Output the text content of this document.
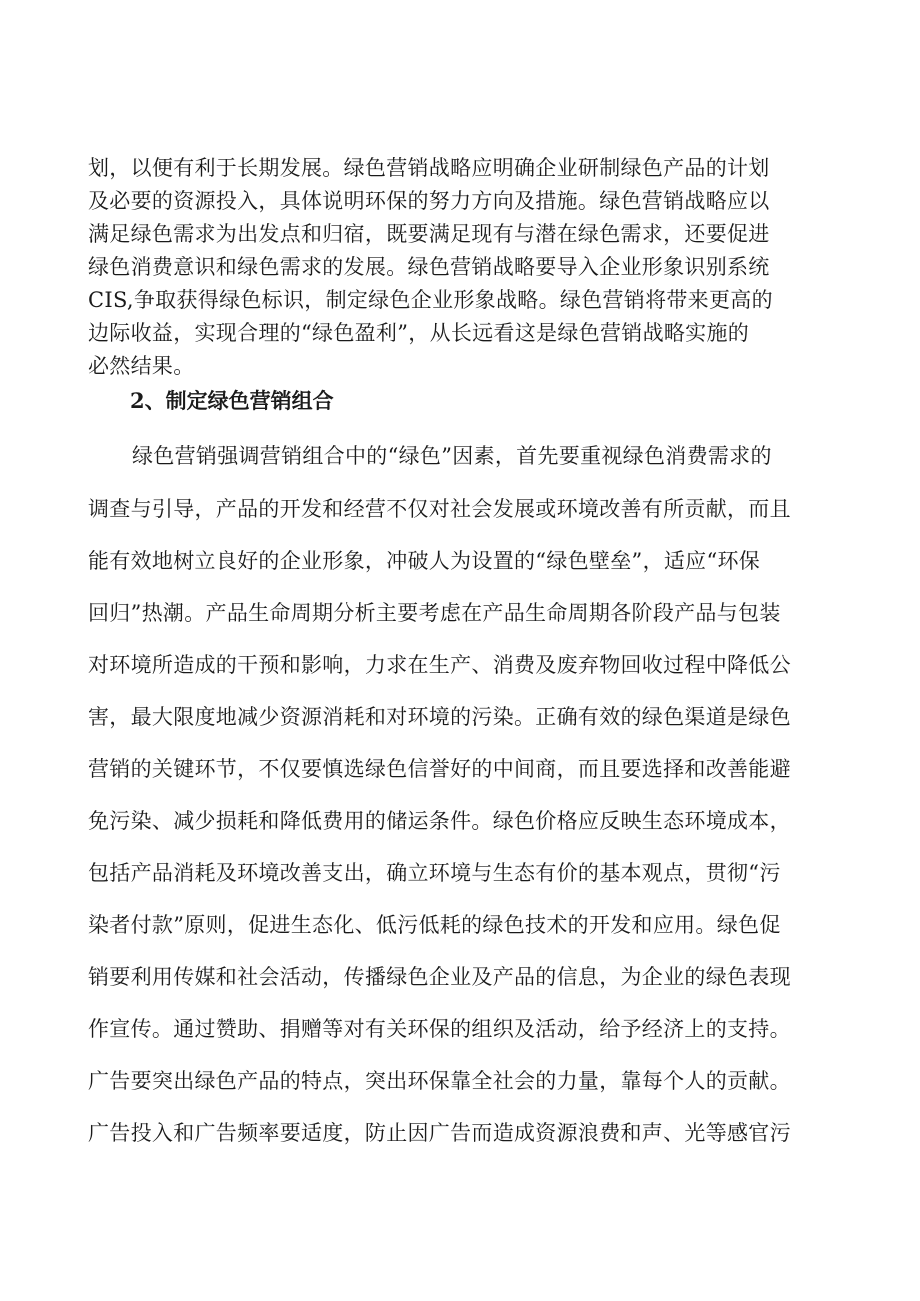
划，以便有利于长期发展。绿色营销战略应明确企业研制绿色产品的计划

及必要的资源投入，具体说明环保的努力方向及措施。绿色营销战略应以

满足绿色需求为出发点和归宿，既要满足现有与潜在绿色需求，还要促进

绿色消费意识和绿色需求的发展。绿色营销战略要导入企业形象识别系统

CIS,争取获得绿色标识，制定绿色企业形象战略。绿色营销将带来更高的

边际收益，实现合理的“绿色盈利”，从长远看这是绿色营销战略实施的

必然结果。

2、制定绿色营销组合

绿色营销强调营销组合中的“绿色”因素，首先要重视绿色消费需求的

调查与引导，产品的开发和经营不仅对社会发展或环境改善有所贡献，而且

能有效地树立良好的企业形象，冲破人为设置的“绿色壁垒”，适应“环保

回归”热潮。产品生命周期分析主要考虑在产品生命周期各阶段产品与包装

对环境所造成的干预和影响，力求在生产、消费及废弃物回收过程中降低公

害，最大限度地减少资源消耗和对环境的污染。正确有效的绿色渠道是绿色

营销的关键环节，不仅要慎选绿色信誉好的中间商，而且要选择和改善能避

免污染、减少损耗和降低费用的储运条件。绿色价格应反映生态环境成本，

包括产品消耗及环境改善支出，确立环境与生态有价的基本观点，贯彻“污

染者付款”原则，促进生态化、低污低耗的绿色技术的开发和应用。绿色促

销要利用传媒和社会活动，传播绿色企业及产品的信息，为企业的绿色表现

作宣传。通过赞助、捐赠等对有关环保的组织及活动，给予经济上的支持。

广告要突出绿色产品的特点，突出环保靠全社会的力量，靠每个人的贡献。

广告投入和广告频率要适度，防止因广告而造成资源浪费和声、光等感官污
